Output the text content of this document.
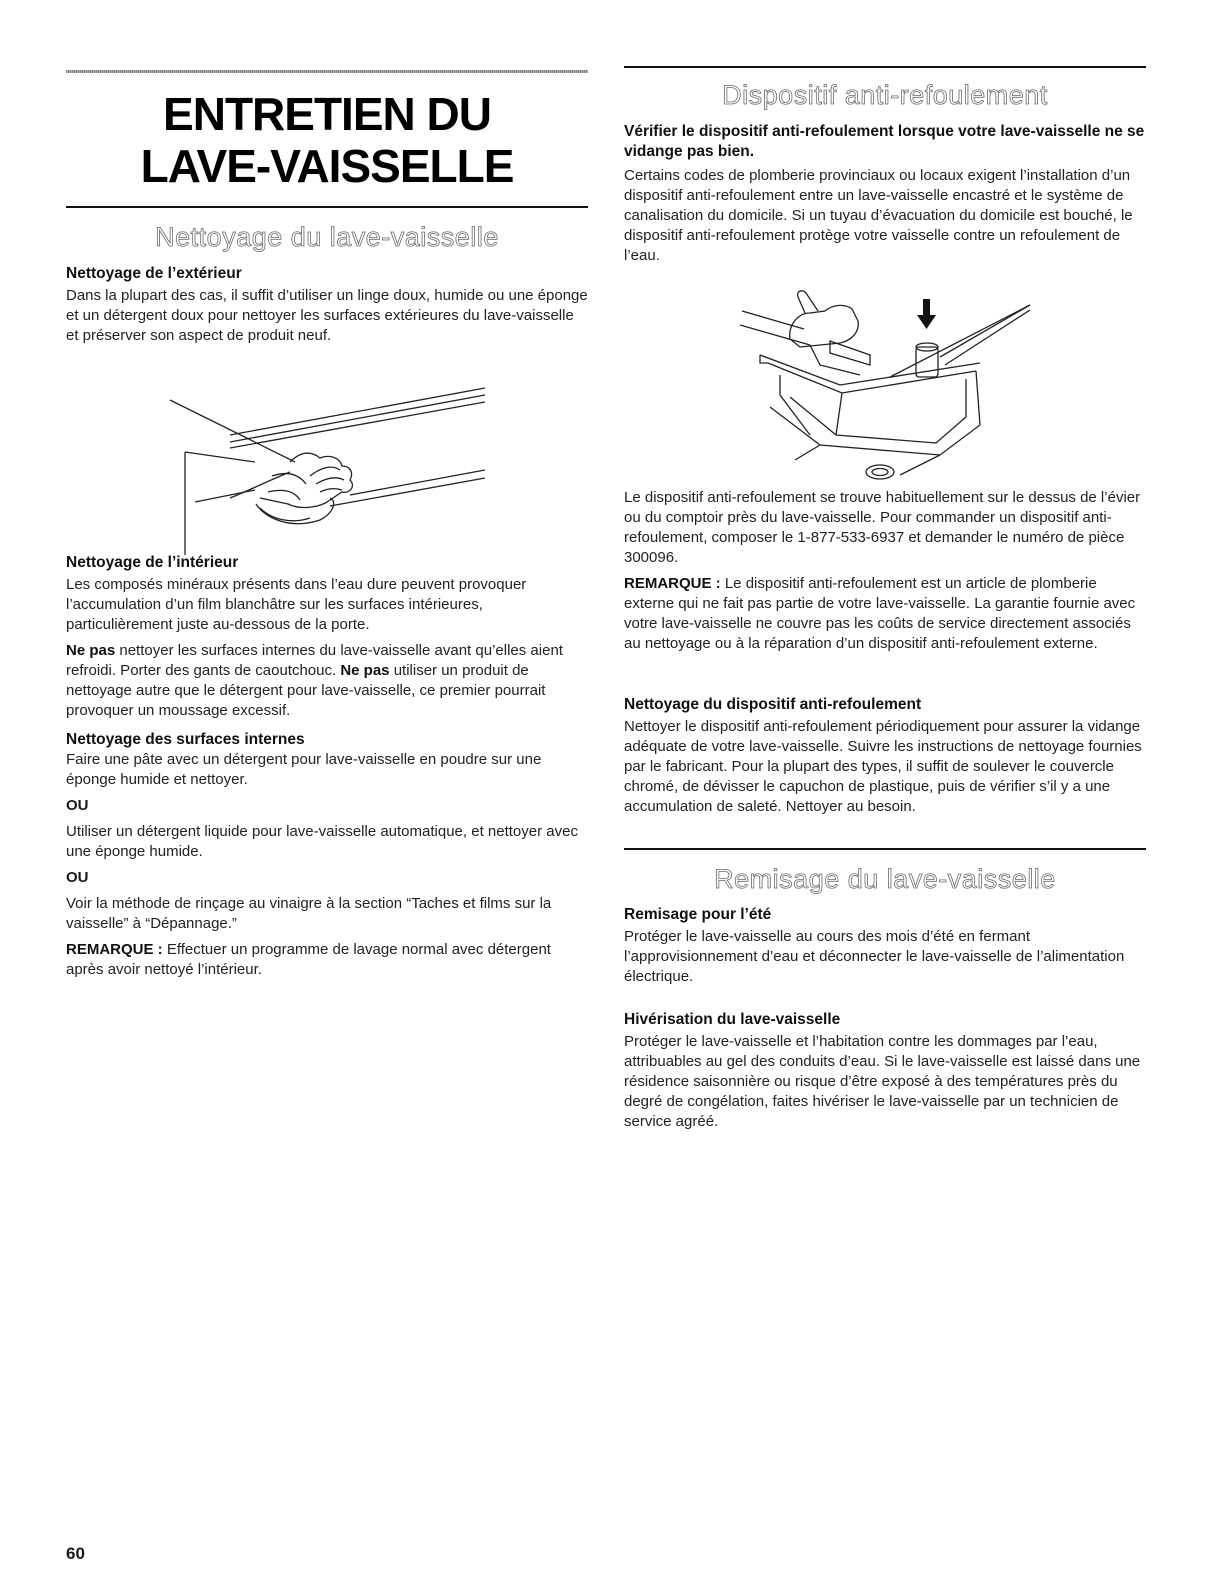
ENTRETIEN DU
LAVE-VAISSELLE
Nettoyage du lave-vaisselle

Nettoyage de l’extérieur

Dans la plupart des cas, il suffit d’utiliser un linge doux, humide ou une éponge et un détergent doux pour nettoyer les surfaces extérieures du lave-vaisselle et préserver son aspect de produit neuf.

Nettoyage de l’intérieur

Les composés minéraux présents dans l’eau dure peuvent provoquer l’accumulation d’un film blanchâtre sur les surfaces intérieures, particulièrement juste au-dessous de la porte.

Ne pas nettoyer les surfaces internes du lave-vaisselle avant qu’elles aient refroidi. Porter des gants de caoutchouc. Ne pas utiliser un produit de nettoyage autre que le détergent pour lave-vaisselle, ce premier pourrait provoquer un moussage excessif.

Nettoyage des surfaces internes

Faire une pâte avec un détergent pour lave-vaisselle en poudre sur une éponge humide et nettoyer.

OU

Utiliser un détergent liquide pour lave-vaisselle automatique, et nettoyer avec une éponge humide.

OU

Voir la méthode de rinçage au vinaigre à la section “Taches et films sur la vaisselle” à “Dépannage.”

REMARQUE : Effectuer un programme de lavage normal avec détergent après avoir nettoyé l’intérieur.

Dispositif anti-refoulement

Vérifier le dispositif anti-refoulement lorsque votre lave-vaisselle ne se vidange pas bien.

Certains codes de plomberie provinciaux ou locaux exigent l’installation d’un dispositif anti-refoulement entre un lave-vaisselle encastré et le système de canalisation du domicile. Si un tuyau d’évacuation du domicile est bouché, le dispositif anti-refoulement protège votre vaisselle contre un refoulement de l’eau.

Le dispositif anti-refoulement se trouve habituellement sur le dessus de l’évier ou du comptoir près du lave-vaisselle. Pour commander un dispositif anti-refoulement, composer le 1-877-533-6937 et demander le numéro de pièce 300096.

REMARQUE : Le dispositif anti-refoulement est un article de plomberie externe qui ne fait pas partie de votre lave-vaisselle. La garantie fournie avec votre lave-vaisselle ne couvre pas les coûts de service directement associés au nettoyage ou à la réparation d’un dispositif anti-refoulement externe.

Nettoyage du dispositif anti-refoulement

Nettoyer le dispositif anti-refoulement périodiquement pour assurer la vidange adéquate de votre lave-vaisselle. Suivre les instructions de nettoyage fournies par le fabricant. Pour la plupart des types, il suffit de soulever le couvercle chromé, de dévisser le capuchon de plastique, puis de vérifier s’il y a une accumulation de saleté. Nettoyer au besoin.

Remisage du lave-vaisselle

Remisage pour l’été

Protéger le lave-vaisselle au cours des mois d’été en fermant l’approvisionnement d’eau et déconnecter le lave-vaisselle de l’alimentation électrique.

Hivérisation du lave-vaisselle

Protéger le lave-vaisselle et l’habitation contre les dommages par l’eau, attribuables au gel des conduits d’eau. Si le lave-vaisselle est laissé dans une résidence saisonnière ou risque d’être exposé à des températures près du degré de congélation, faites hivériser le lave-vaisselle par un technicien de service agréé.

60
